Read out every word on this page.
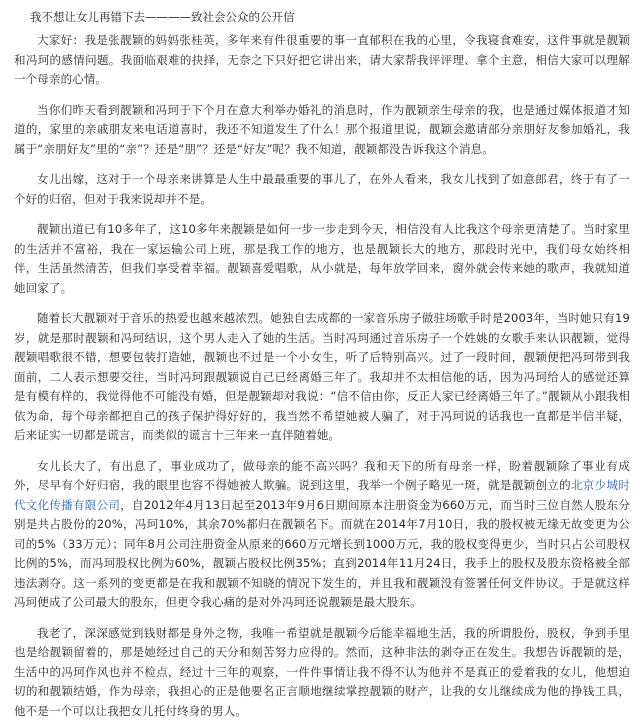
我不想让女儿再错下去————致社会公众的公开信

大家好：我是张靓颖的妈妈张桂英，多年来有件很重要的事一直郁积在我的心里，令我寝食难安，这件事就是靓颖和冯珂的感情问题。我面临艰难的抉择，无奈之下只好把它讲出来，请大家帮我评评理、拿个主意，相信大家可以理解一个母亲的心情。

当你们昨天看到靓颖和冯珂于下个月在意大利举办婚礼的消息时，作为靓颖亲生母亲的我，也是通过媒体报道才知道的，家里的亲戚朋友来电话道喜时，我还不知道发生了什么！那个报道里说，靓颖会邀请部分亲朋好友参加婚礼，我属于“亲朋好友”里的“亲”？还是“朋”？还是“好友”呢？我不知道，靓颖都没告诉我这个消息。

女儿出嫁，这对于一个母亲来讲算是人生中最最重要的事儿了，在外人看来，我女儿找到了如意郎君，终于有了一个好的归宿，但对于我来说却并不是。

靓颖出道已有10多年了，这10多年来靓颖是如何一步一步走到今天，相信没有人比我这个母亲更清楚了。当时家里的生活并不富裕，我在一家运输公司上班，那是我工作的地方，也是靓颖长大的地方，那段时光中，我们母女始终相伴，生活虽然清苦，但我们享受着幸福。靓颖喜爱唱歌，从小就是，每年放学回来，窗外就会传来她的歌声，我就知道她回家了。

随着长大靓颖对于音乐的热爱也越来越浓烈。她独自去成都的一家音乐房子做驻场歌手时是2003年，当时她只有19岁，就是那时靓颖和冯珂结识，这个男人走入了她的生活。当时冯珂通过音乐房子一个姓姚的女歌手来认识靓颖，觉得靓颖唱歌很不错，想要包装打造她，靓颖也不过是一个小女生，听了后特别高兴。过了一段时间，靓颖便把冯珂带到我面前，二人表示想要交往，当时冯珂跟靓颖说自己已经离婚三年了。我却并不太相信他的话，因为冯珂给人的感觉还算是有模有样的，我觉得他不可能没有婚，但是靓颖却对我说：“信不信由你，反正人家已经离婚三年了。”靓颖从小跟我相依为命，每个母亲都把自己的孩子保护得好好的，我当然不希望她被人骗了，对于冯珂说的话我也一直都是半信半疑，后来证实一切都是谎言，而类似的谎言十三年来一直伴随着她。

女儿长大了，有出息了，事业成功了，做母亲的能不高兴吗？我和天下的所有母亲一样，盼着靓颖除了事业有成外，尽早有个好归宿，我的眼里也容不得她被人欺骗。说到这里，我举一个例子略见一斑，就是靓颖创立的北京少城时代文化传播有限公司，自2012年4月13日起至2013年9月6日期间原本注册资金为660万元，而当时三位自然人股东分别是共占股份的20%，冯珂10%，其余70%都归在靓颖名下。而就在2014年7月10日，我的股权被无缘无故变更为公司的5%（33万元）；同年8月公司注册资金从原来的660万元增长到1000万元，我的股权变得更少，当时只占公司股权比例的5%，而冯珂股权比例为60%，靓颖占股权比例35%；直到2014年11月24日，我手上的股权及股东资格被全部违法剥夺。这一系列的变更都是在我和靓颖不知晓的情况下发生的，并且我和靓颖没有签署任何文件协议。于是就这样冯珂便成了公司最大的股东，但更令我心痛的是对外冯珂还说靓颖是最大股东。

我老了，深深感觉到钱财都是身外之物，我唯一希望就是靓颖今后能幸福地生活，我的所谓股份，股权，争到手里也是给靓颖留着的，那是她经过自己的天分和刻苦努力应得的。然而，这种非法的剥夺正在发生。我想告诉靓颖的是，生活中的冯珂作风也并不检点，经过十三年的观察，一件件事情让我不得不认为他并不是真正的爱着我的女儿，他想迫切的和靓颖结婚，作为母亲，我担心的正是他要名正言顺地继续掌控靓颖的财产，让我的女儿继续成为他的挣钱工具，他不是一个可以让我把女儿托付终身的男人。
